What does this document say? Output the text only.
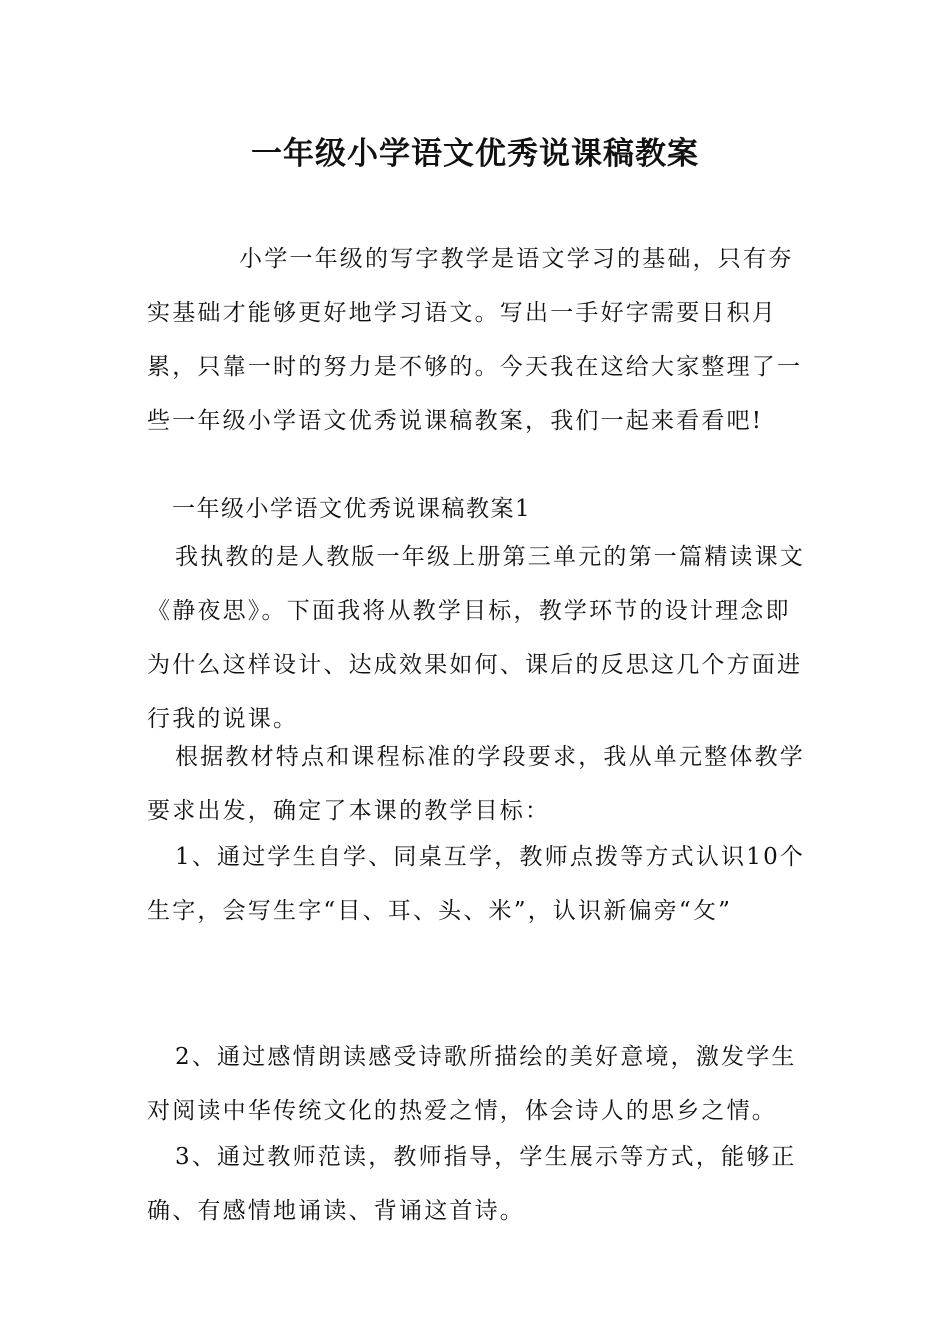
一年级小学语文优秀说课稿教案

小学一年级的写字教学是语文学习的基础，只有夯实基础才能够更好地学习语文。写出一手好字需要日积月累，只靠一时的努力是不够的。今天我在这给大家整理了一些一年级小学语文优秀说课稿教案，我们一起来看看吧!

一年级小学语文优秀说课稿教案1

我执教的是人教版一年级上册第三单元的第一篇精读课文《静夜思》。下面我将从教学目标，教学环节的设计理念即为什么这样设计、达成效果如何、课后的反思这几个方面进行我的说课。

根据教材特点和课程标准的学段要求，我从单元整体教学要求出发，确定了本课的教学目标：

1、通过学生自学、同桌互学，教师点拨等方式认识10个生字，会写生字“目、耳、头、米”，认识新偏旁“攵”

2、通过感情朗读感受诗歌所描绘的美好意境，激发学生对阅读中华传统文化的热爱之情，体会诗人的思乡之情。

3、通过教师范读，教师指导，学生展示等方式，能够正确、有感情地诵读、背诵这首诗。
